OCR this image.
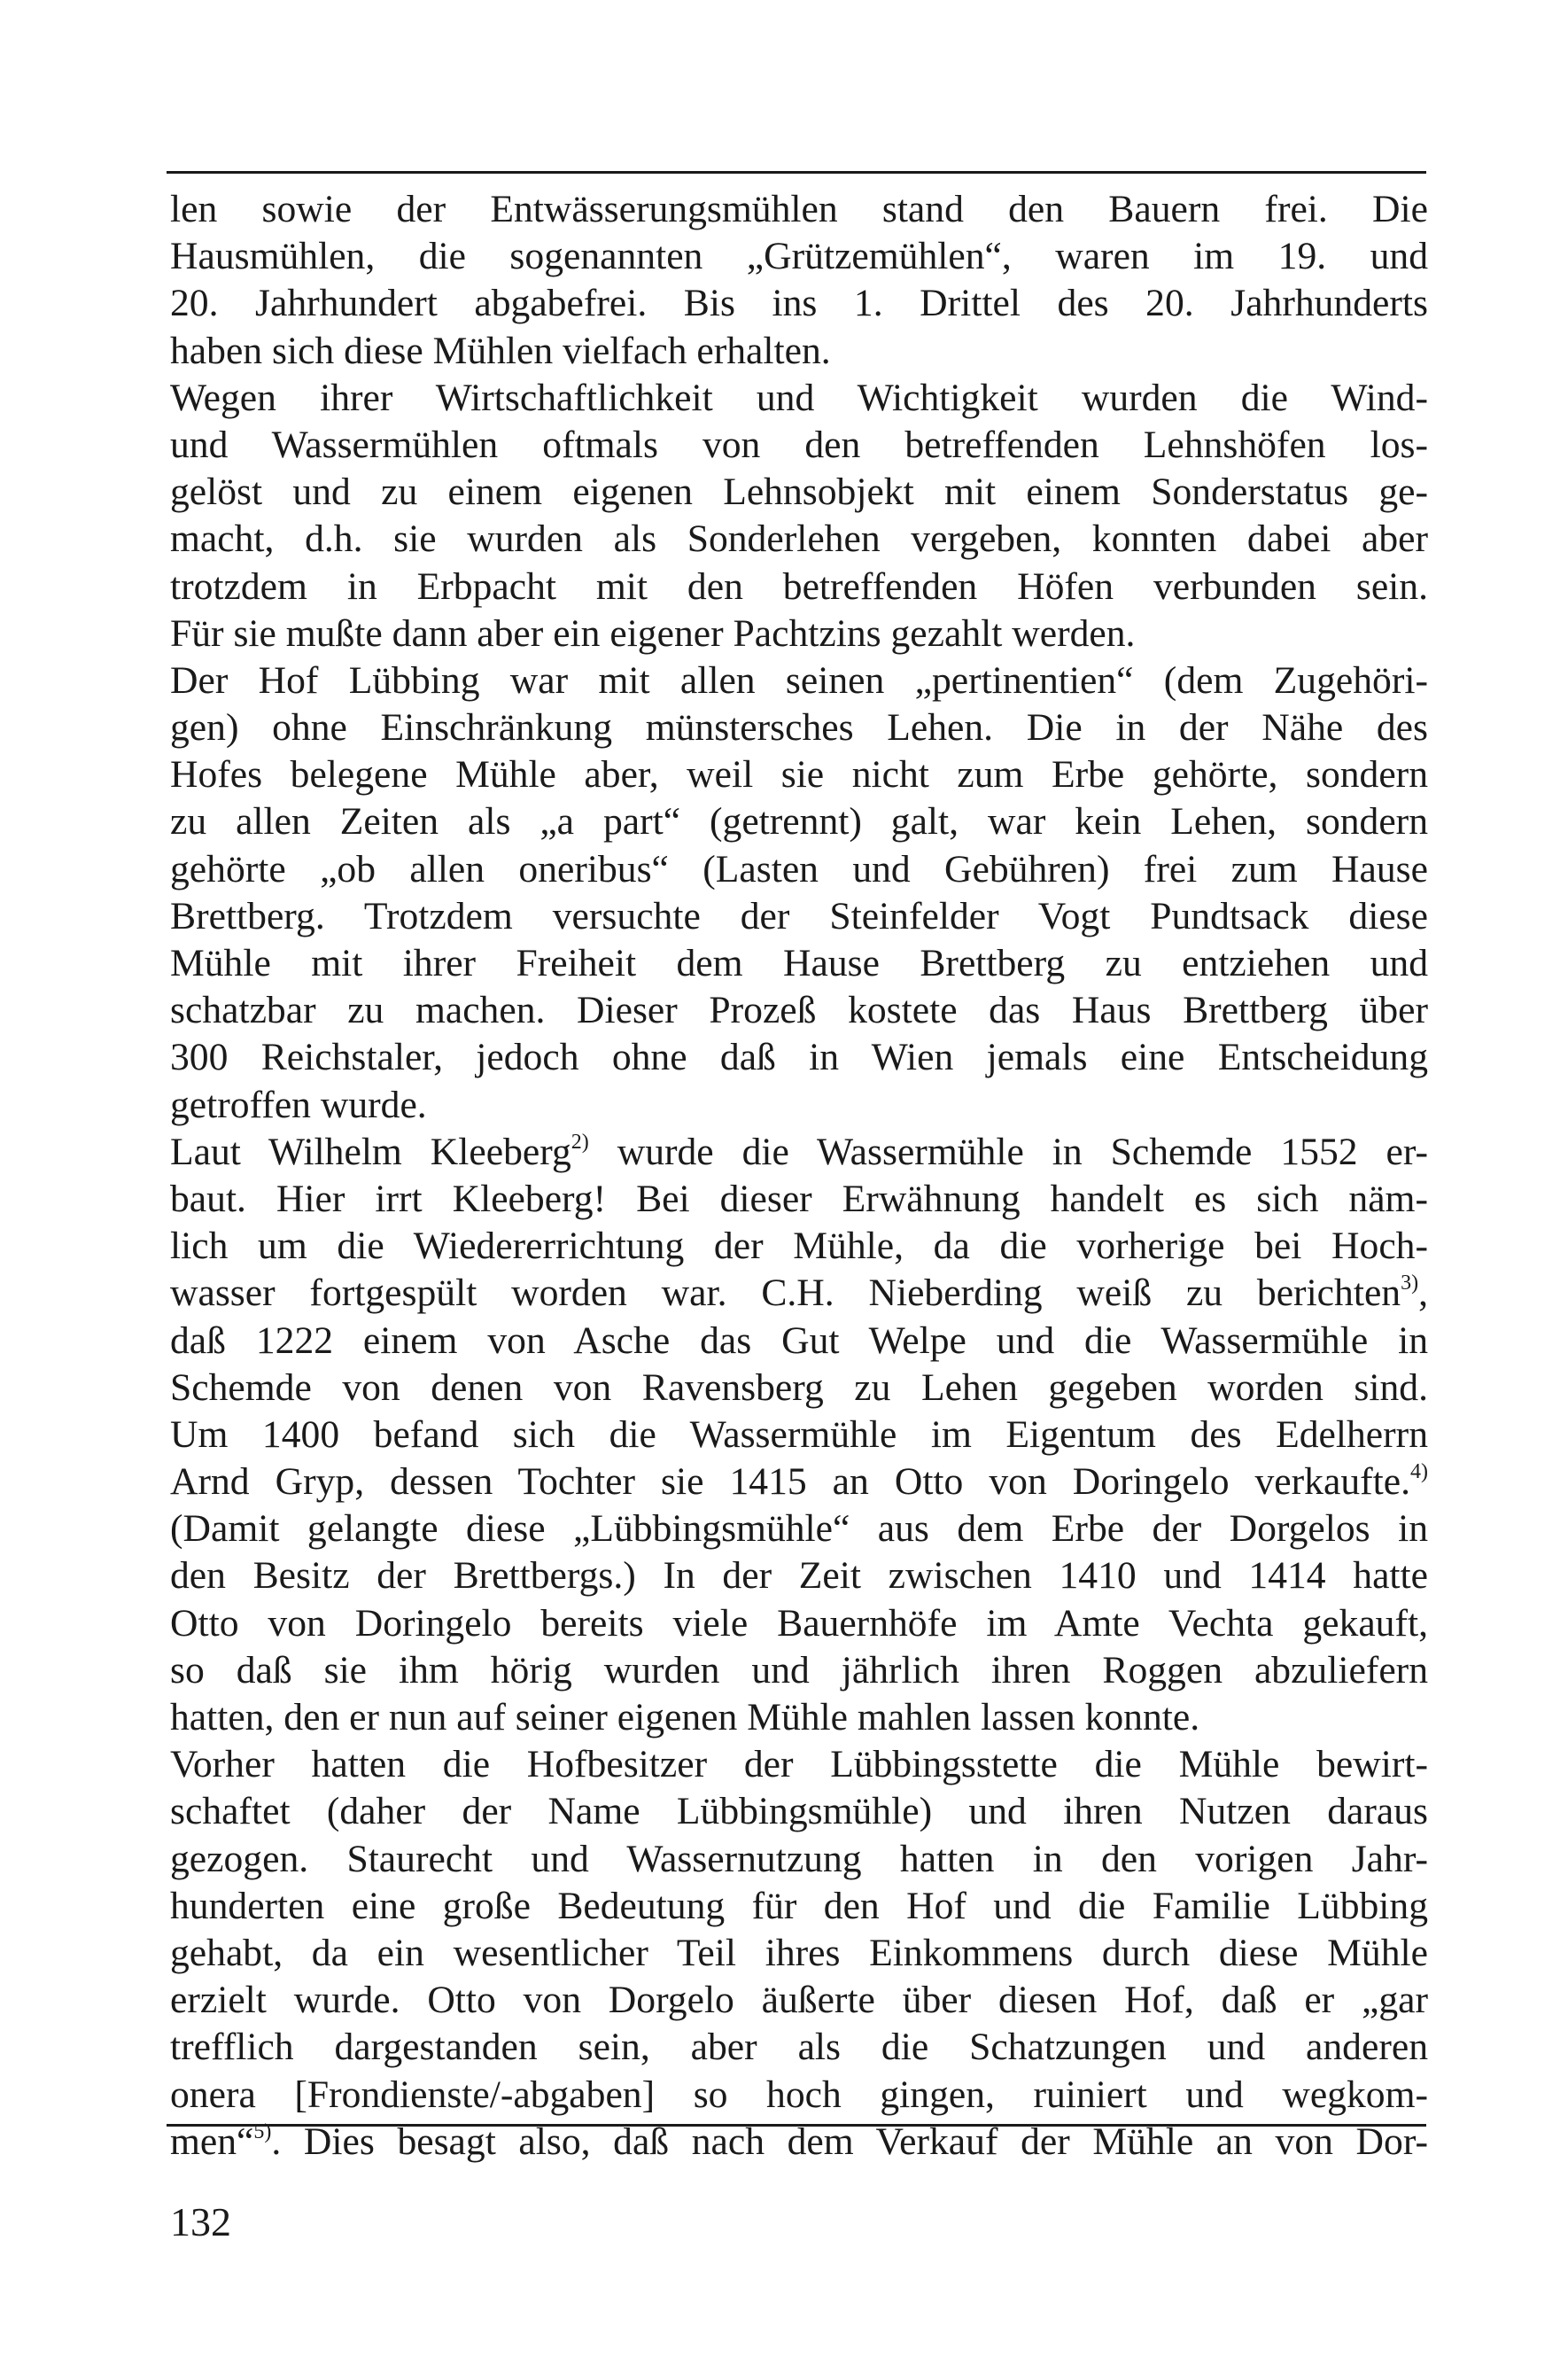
len sowie der Entwässerungsmühlen stand den Bauern frei. Die
Hausmühlen, die sogenannten „Grützemühlen“, waren im 19. und
20. Jahrhundert abgabefrei. Bis ins 1. Drittel des 20. Jahrhunderts
haben sich diese Mühlen vielfach erhalten.
Wegen ihrer Wirtschaftlichkeit und Wichtigkeit wurden die Wind-
und Wassermühlen oftmals von den betreffenden Lehnshöfen los-
gelöst und zu einem eigenen Lehnsobjekt mit einem Sonderstatus ge-
macht, d.h. sie wurden als Sonderlehen vergeben, konnten dabei aber
trotzdem in Erbpacht mit den betreffenden Höfen verbunden sein.
Für sie mußte dann aber ein eigener Pachtzins gezahlt werden.
Der Hof Lübbing war mit allen seinen „pertinentien“ (dem Zugehöri-
gen) ohne Einschränkung münstersches Lehen. Die in der Nähe des
Hofes belegene Mühle aber, weil sie nicht zum Erbe gehörte, sondern
zu allen Zeiten als „a part“ (getrennt) galt, war kein Lehen, sondern
gehörte „ob allen oneribus“ (Lasten und Gebühren) frei zum Hause
Brettberg. Trotzdem versuchte der Steinfelder Vogt Pundtsack diese
Mühle mit ihrer Freiheit dem Hause Brettberg zu entziehen und
schatzbar zu machen. Dieser Prozeß kostete das Haus Brettberg über
300 Reichstaler, jedoch ohne daß in Wien jemals eine Entscheidung
getroffen wurde.
Laut Wilhelm Kleeberg$^{2)}$ wurde die Wassermühle in Schemde 1552 er-
baut. Hier irrt Kleeberg! Bei dieser Erwähnung handelt es sich näm-
lich um die Wiedererrichtung der Mühle, da die vorherige bei Hoch-
wasser fortgespült worden war. C.H. Nieberding weiß zu berichten$^{3)}$,
daß 1222 einem von Asche das Gut Welpe und die Wassermühle in
Schemde von denen von Ravensberg zu Lehen gegeben worden sind.
Um 1400 befand sich die Wassermühle im Eigentum des Edelherrn
Arnd Gryp, dessen Tochter sie 1415 an Otto von Doringelo verkaufte.$^{4)}$
(Damit gelangte diese „Lübbingsmühle“ aus dem Erbe der Dorgelos in
den Besitz der Brettbergs.) In der Zeit zwischen 1410 und 1414 hatte
Otto von Doringelo bereits viele Bauernhöfe im Amte Vechta gekauft,
so daß sie ihm hörig wurden und jährlich ihren Roggen abzuliefern
hatten, den er nun auf seiner eigenen Mühle mahlen lassen konnte.
Vorher hatten die Hofbesitzer der Lübbingsstette die Mühle bewirt-
schaftet (daher der Name Lübbingsmühle) und ihren Nutzen daraus
gezogen. Staurecht und Wassernutzung hatten in den vorigen Jahr-
hunderten eine große Bedeutung für den Hof und die Familie Lübbing
gehabt, da ein wesentlicher Teil ihres Einkommens durch diese Mühle
erzielt wurde. Otto von Dorgelo äußerte über diesen Hof, daß er „gar
trefflich dargestanden sein, aber als die Schatzungen und anderen
onera [Frondienste/-abgaben] so hoch gingen, ruiniert und wegkom-
men“$^{5)}$. Dies besagt also, daß nach dem Verkauf der Mühle an von Dor-
132
